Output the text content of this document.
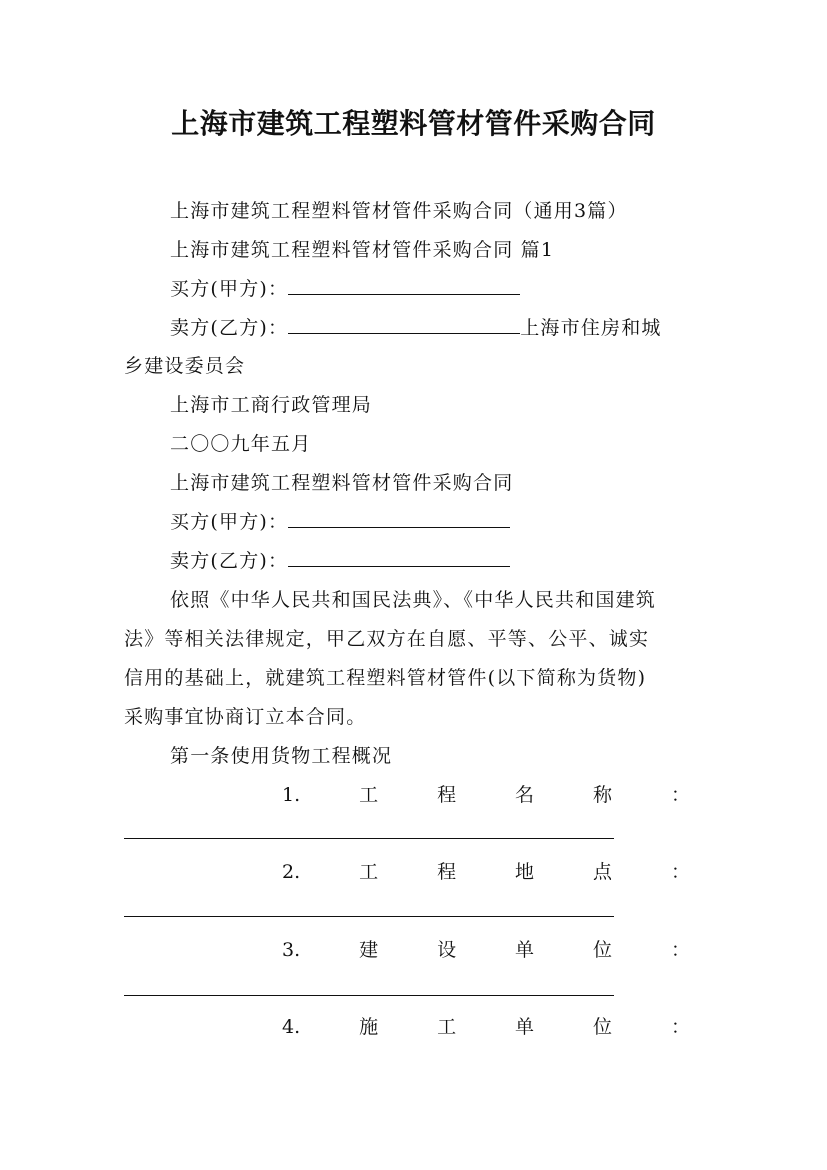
上海市建筑工程塑料管材管件采购合同
上海市建筑工程塑料管材管件采购合同（通用3篇）
上海市建筑工程塑料管材管件采购合同 篇1
买方(甲方)：
卖方(乙方)：	上海市住房和城
乡建设委员会
上海市工商行政管理局
二〇〇九年五月
上海市建筑工程塑料管材管件采购合同
买方(甲方)：
卖方(乙方)：
依照《中华人民共和国民法典》、《中华人民共和国建筑
法》等相关法律规定，甲乙双方在自愿、平等、公平、诚实
信用的基础上，就建筑工程塑料管材管件(以下简称为货物)
采购事宜协商订立本合同。
第一条使用货物工程概况
1.	工	程	名	称	：
2.	工	程	地	点	：
3.	建	设	单	位	：
4.	施	工	单	位	：
